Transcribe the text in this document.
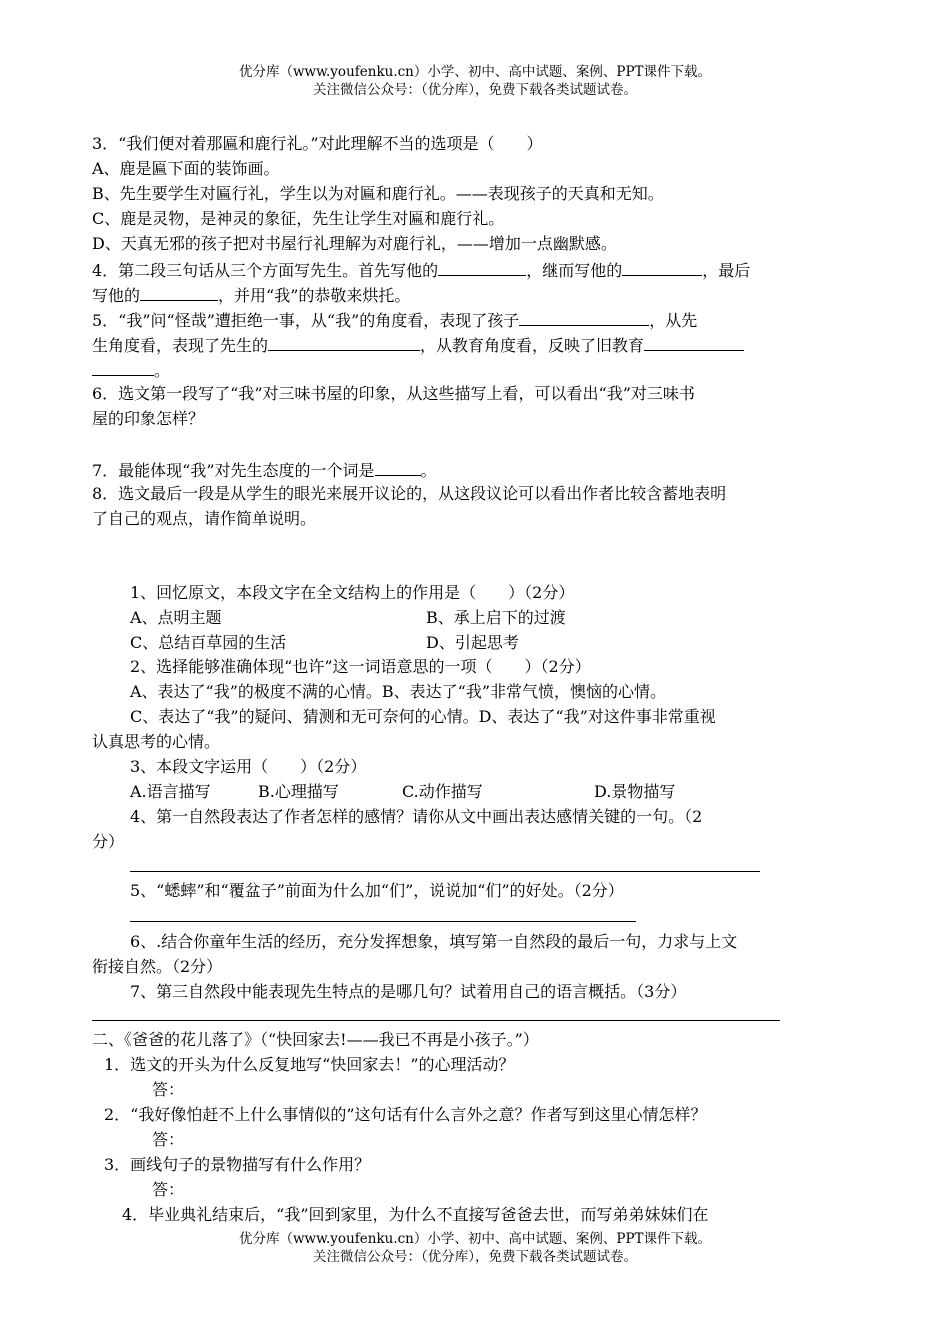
优分库（www.youfenku.cn）小学、初中、高中试题、案例、PPT课件下载。
关注微信公众号：（优分库），免费下载各类试题试卷。
3．“我们便对着那匾和鹿行礼。”对此理解不当的选项是（　　）
A、鹿是匾下面的装饰画。
B、先生要学生对匾行礼，学生以为对匾和鹿行礼。——表现孩子的天真和无知。
C、鹿是灵物，是神灵的象征，先生让学生对匾和鹿行礼。
D、天真无邪的孩子把对书屋行礼理解为对鹿行礼，——增加一点幽默感。
4．第二段三句话从三个方面写先生。首先写他的	，继而写他的	，最后
写他的	，并用“我”的恭敬来烘托。
5．“我”问“怪哉”遭拒绝一事，从“我”的角度看，表现了孩子	，从先
生角度看，表现了先生的	，从教育角度看，反映了旧教育
。
6．选文第一段写了“我”对三味书屋的印象，从这些描写上看，可以看出“我”对三味书
屋的印象怎样？
7．最能体现“我”对先生态度的一个词是	。
8．选文最后一段是从学生的眼光来展开议论的，从这段议论可以看出作者比较含蓄地表明
了自己的观点，请作简单说明。
1、回忆原文，本段文字在全文结构上的作用是（　　）（2分）
A、点明主题	B、承上启下的过渡
C、总结百草园的生活	D、引起思考
2、选择能够准确体现“也许”这一词语意思的一项（　　）（2分）
A、表达了“我”的极度不满的心情。B、表达了“我”非常气愤，懊恼的心情。
C、表达了“我”的疑问、猜测和无可奈何的心情。D、表达了“我”对这件事非常重视
认真思考的心情。
3、本段文字运用（　　）（2分）
A.语言描写	B.心理描写	C.动作描写	D.景物描写
4、第一自然段表达了作者怎样的感情？请你从文中画出表达感情关键的一句。（2
分）
5、“蟋蟀”和“覆盆子”前面为什么加“们”，说说加“们”的好处。（2分）
6、.结合你童年生活的经历，充分发挥想象，填写第一自然段的最后一句，力求与上文
衔接自然。（2分）
7、第三自然段中能表现先生特点的是哪几句？试着用自己的语言概括。（3分）
二、《爸爸的花儿落了》（“快回家去!——我已不再是小孩子。”）
1．选文的开头为什么反复地写“快回家去！”的心理活动？
答：
2．“我好像怕赶不上什么事情似的”这句话有什么言外之意？作者写到这里心情怎样？
答：
3．画线句子的景物描写有什么作用？
答：
4．毕业典礼结束后，“我”回到家里，为什么不直接写爸爸去世，而写弟弟妹妹们在
优分库（www.youfenku.cn）小学、初中、高中试题、案例、PPT课件下载。
关注微信公众号：（优分库），免费下载各类试题试卷。
